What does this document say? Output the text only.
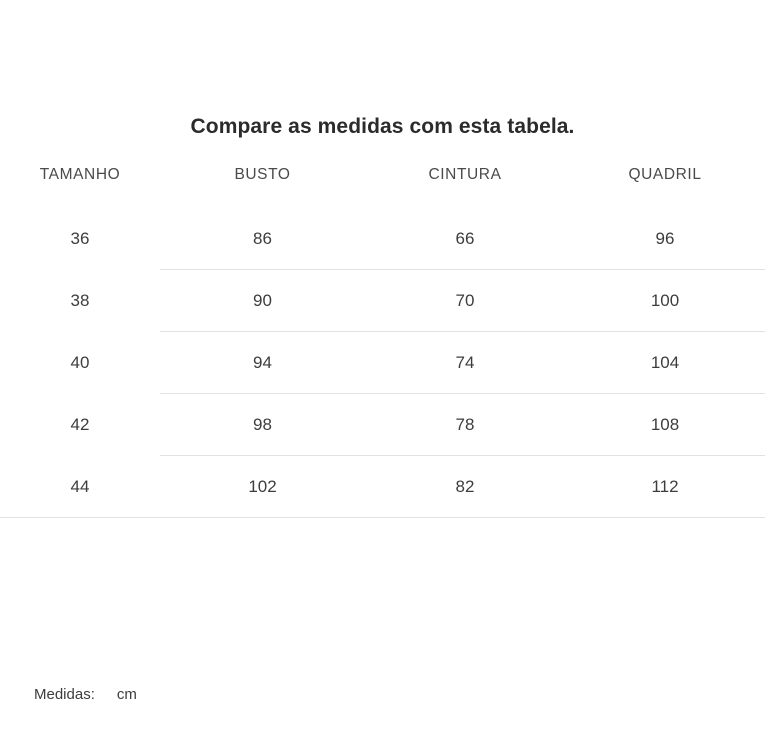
Compare as medidas com esta tabela.
TAMANHO	BUSTO	CINTURA	QUADRIL
36	86	66	96
38	90	70	100
40	94	74	104
42	98	78	108
44	102	82	112
Medidas: cm
